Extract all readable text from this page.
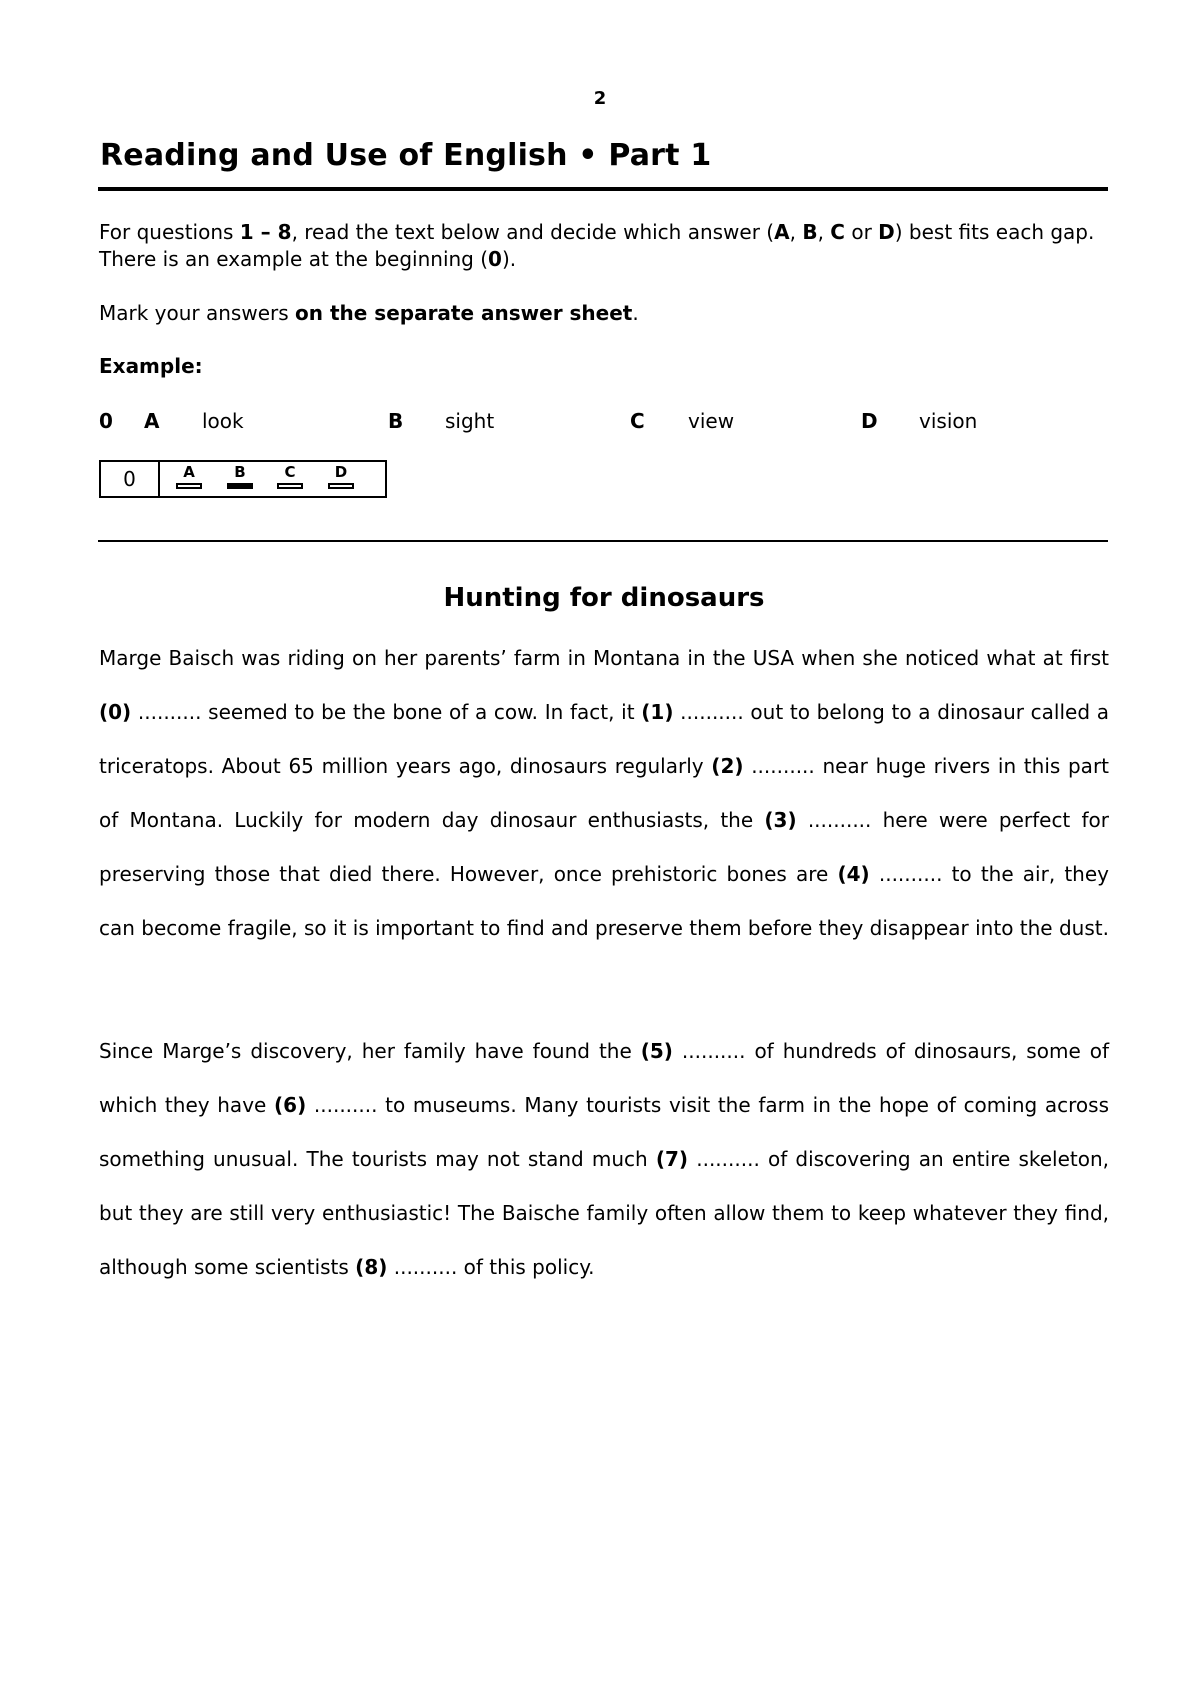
2
Reading and Use of English • Part 1
For questions 1 – 8, read the text below and decide which answer (A, B, C or D) best fits each gap. There is an example at the beginning (0).
Mark your answers on the separate answer sheet.
Example:
0 A look	B sight	C view	D vision
0	A	B	C	D
Hunting for dinosaurs
Marge Baisch was riding on her parents’ farm in Montana in the USA when she noticed what at first (0) .......... seemed to be the bone of a cow. In fact, it (1) .......... out to belong to a dinosaur called a triceratops. About 65 million years ago, dinosaurs regularly (2) .......... near huge rivers in this part of Montana. Luckily for modern day dinosaur enthusiasts, the (3) .......... here were perfect for preserving those that died there. However, once prehistoric bones are (4) .......... to the air, they can become fragile, so it is important to find and preserve them before they disappear into the dust.
Since Marge’s discovery, her family have found the (5) .......... of hundreds of dinosaurs, some of which they have (6) .......... to museums. Many tourists visit the farm in the hope of coming across something unusual. The tourists may not stand much (7) .......... of discovering an entire skeleton, but they are still very enthusiastic! The Baische family often allow them to keep whatever they find, although some scientists (8) .......... of this policy.
